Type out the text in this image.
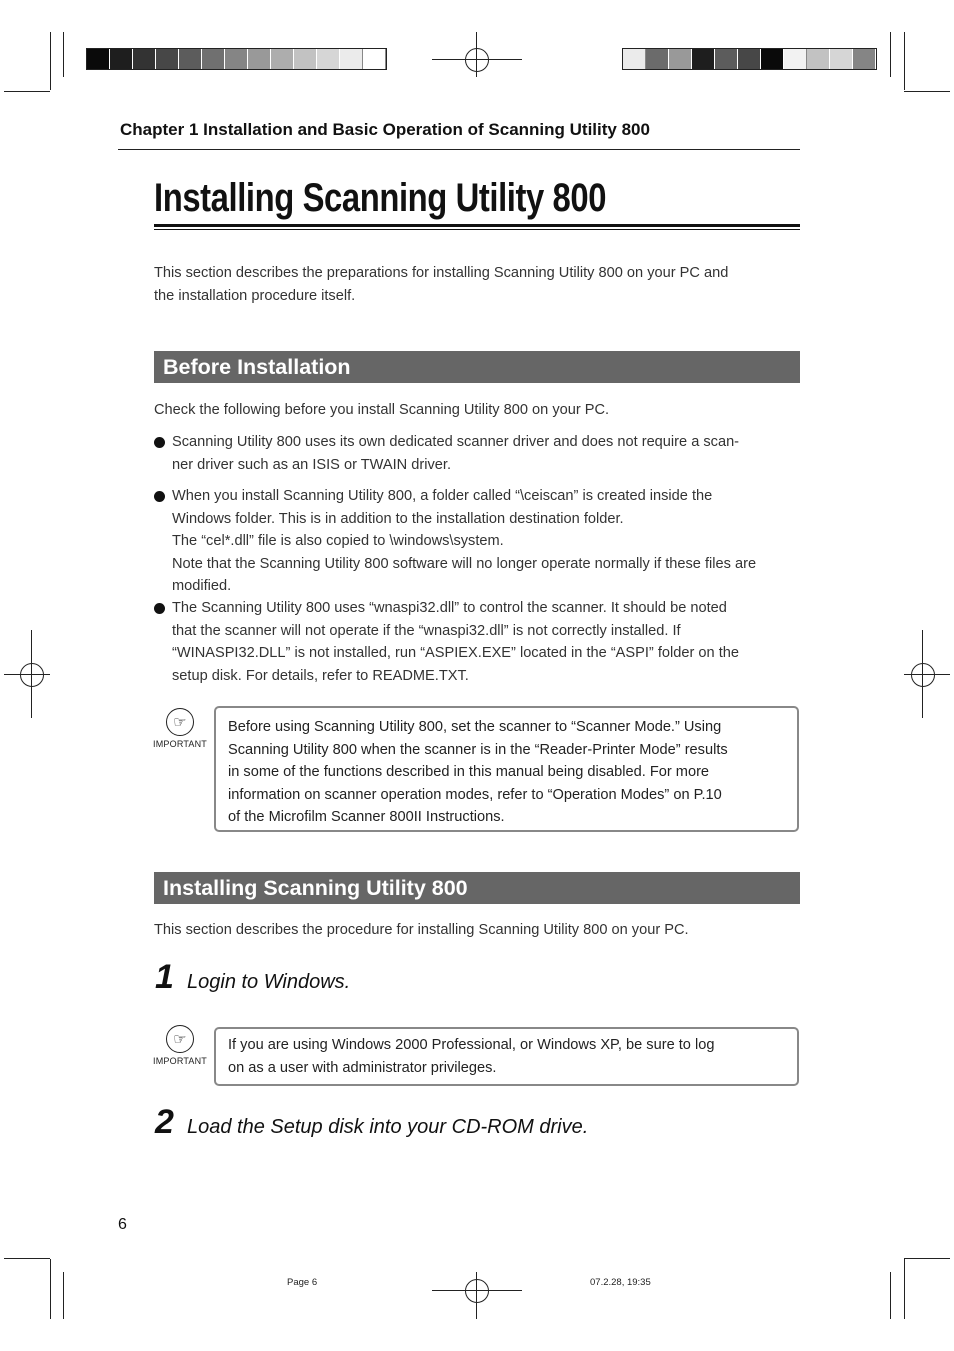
Chapter 1 Installation and Basic Operation of Scanning Utility 800
Installing Scanning Utility 800
This section describes the preparations for installing Scanning Utility 800 on your PC and
the installation procedure itself.
Before Installation
Check the following before you install Scanning Utility 800 on your PC.
Scanning Utility 800 uses its own dedicated scanner driver and does not require a scan-
ner driver such as an ISIS or TWAIN driver.
When you install Scanning Utility 800, a folder called “\ceiscan” is created inside the
Windows folder. This is in addition to the installation destination folder.
The “cel*.dll” file is also copied to \windows\system.
Note that the Scanning Utility 800 software will no longer operate normally if these files are
modified.
The Scanning Utility 800 uses “wnaspi32.dll” to control the scanner. It should be noted
that the scanner will not operate if the “wnaspi32.dll” is not correctly installed. If
“WINASPI32.DLL” is not installed, run “ASPIEX.EXE” located in the “ASPI” folder on the
setup disk. For details, refer to README.TXT.
☞
IMPORTANT
Before using Scanning Utility 800, set the scanner to “Scanner Mode.” Using
Scanning Utility 800 when the scanner is in the “Reader-Printer Mode” results
in some of the functions described in this manual being disabled. For more
information on scanner operation modes, refer to “Operation Modes” on P.10
of the Microfilm Scanner 800II Instructions.
Installing Scanning Utility 800
This section describes the procedure for installing Scanning Utility 800 on your PC.
1 Login to Windows.
☞
IMPORTANT
If you are using Windows 2000 Professional, or Windows XP, be sure to log
on as a user with administrator privileges.
2 Load the Setup disk into your CD-ROM drive.
6
Page 6	07.2.28, 19:35
